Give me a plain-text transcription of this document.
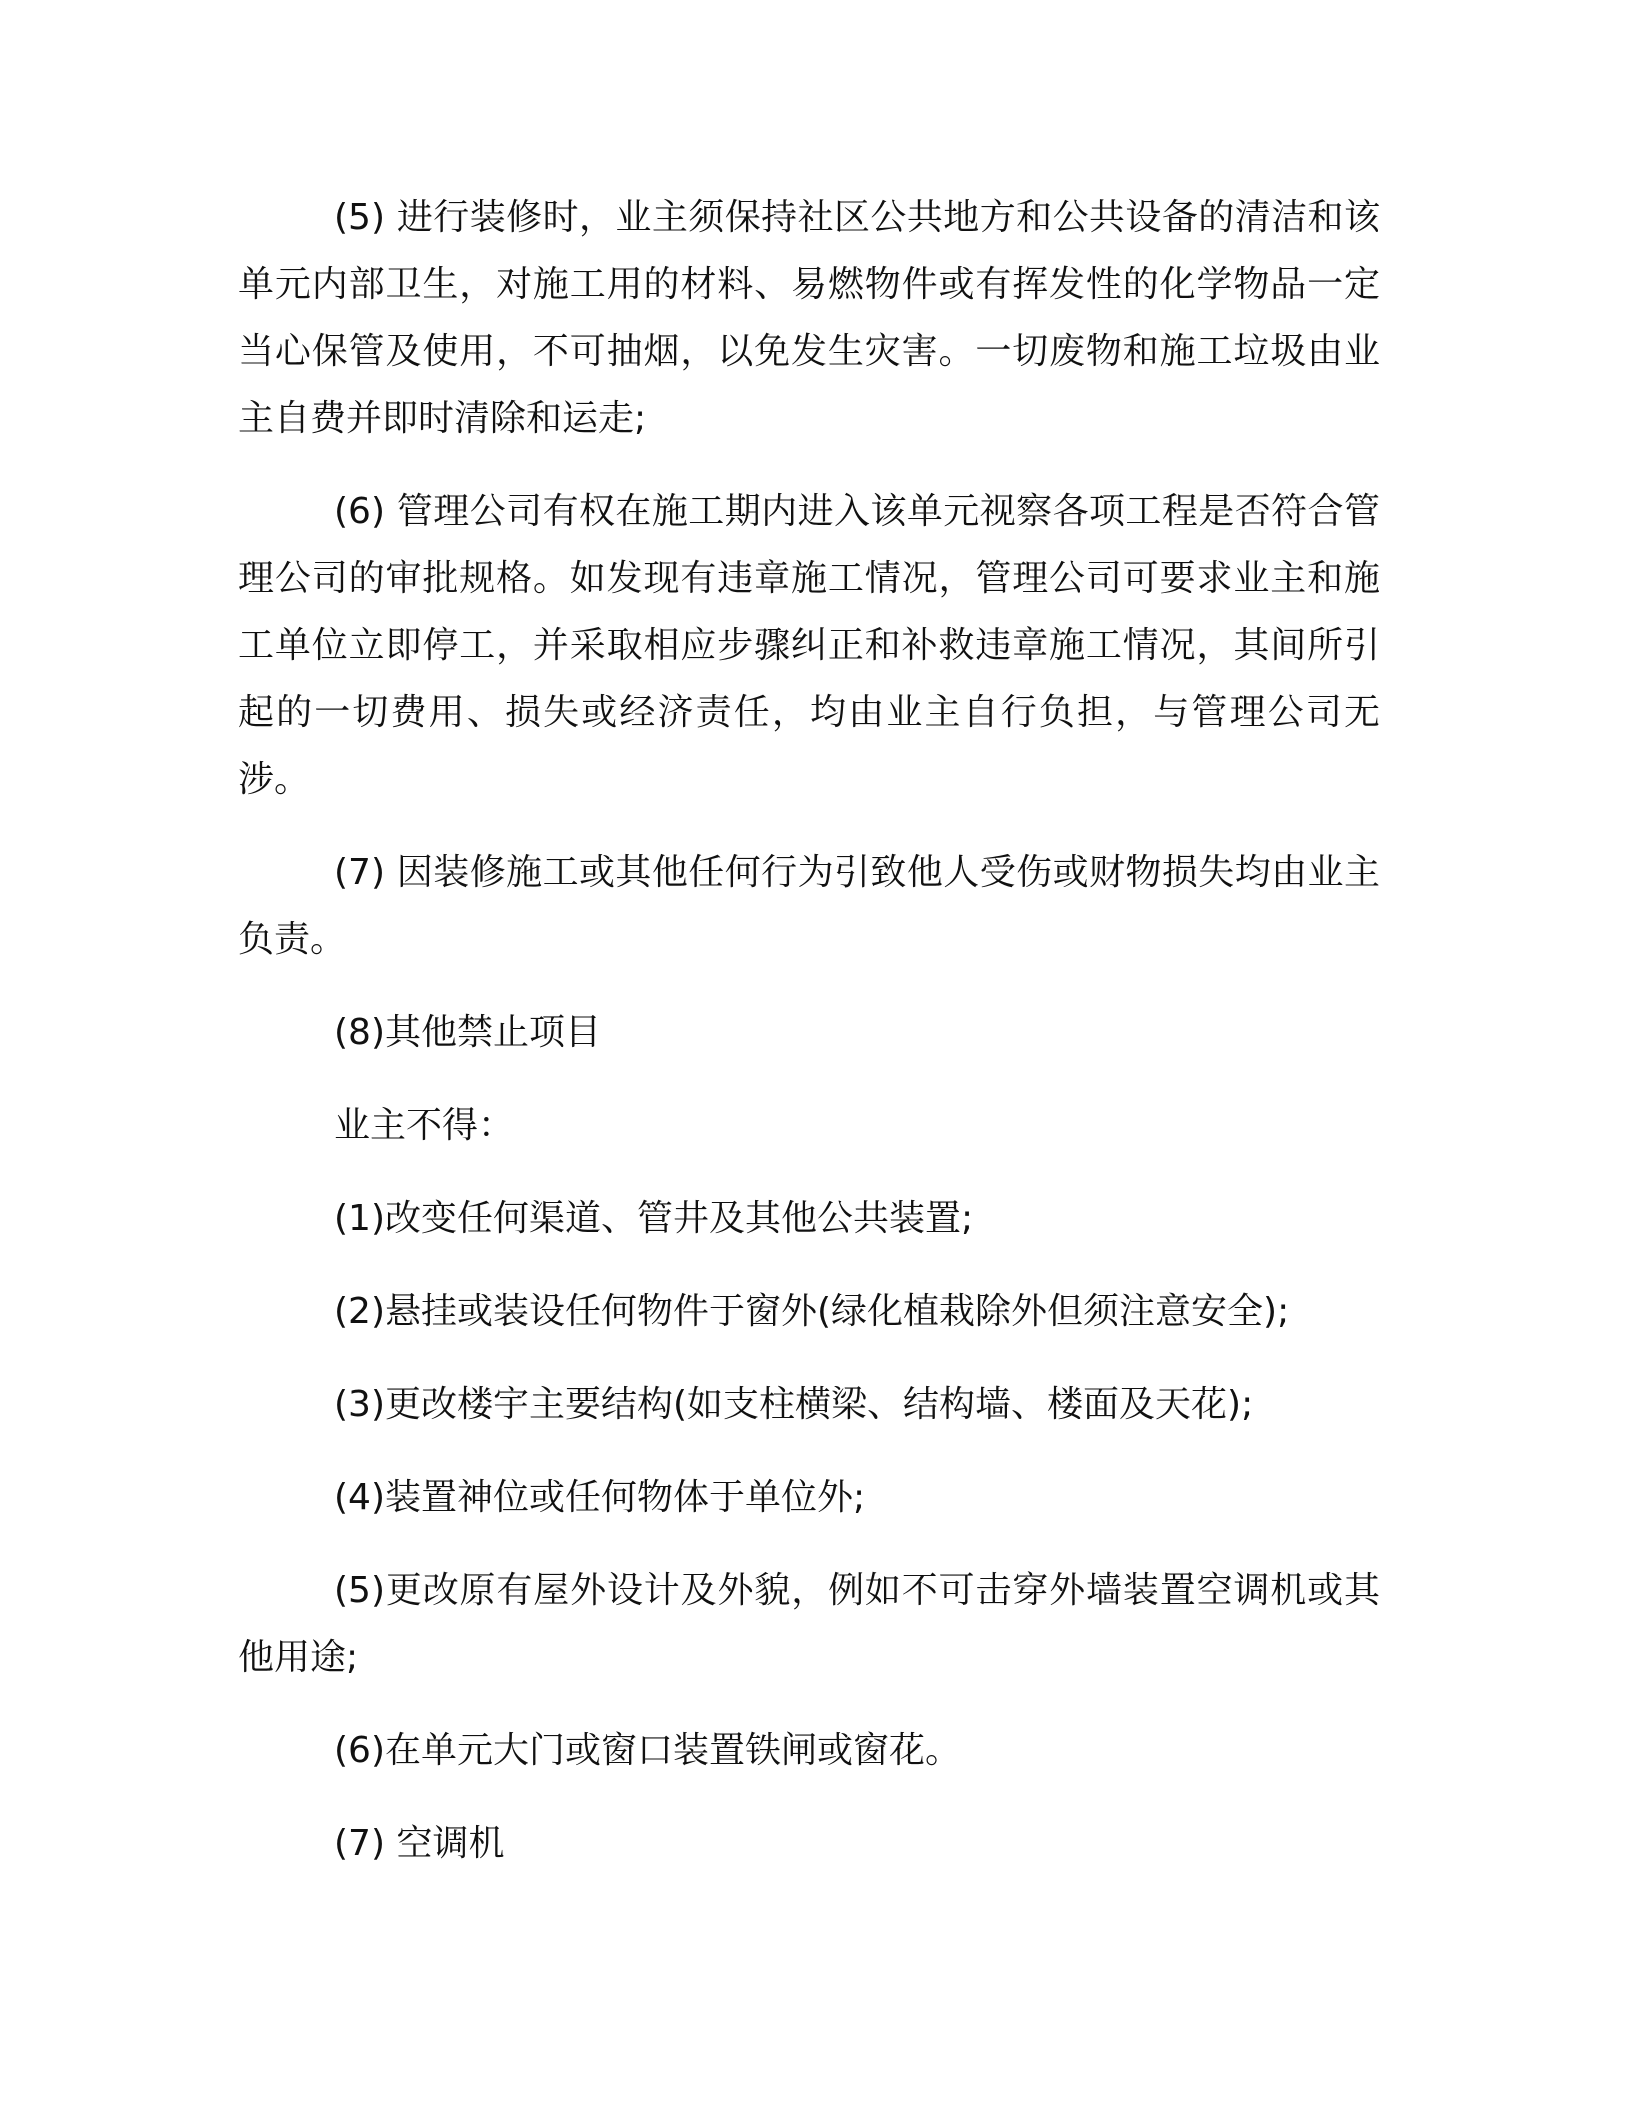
(5) 进行装修时，业主须保持社区公共地方和公共设备的清洁和该单元内部卫生，对施工用的材料、易燃物件或有挥发性的化学物品一定当心保管及使用，不可抽烟，以免发生灾害。一切废物和施工垃圾由业主自费并即时清除和运走;

(6) 管理公司有权在施工期内进入该单元视察各项工程是否符合管理公司的审批规格。如发现有违章施工情况，管理公司可要求业主和施工单位立即停工，并采取相应步骤纠正和补救违章施工情况，其间所引起的一切费用、损失或经济责任，均由业主自行负担，与管理公司无涉。

(7) 因装修施工或其他任何行为引致他人受伤或财物损失均由业主负责。

(8)其他禁止项目

业主不得：

(1)改变任何渠道、管井及其他公共装置;

(2)悬挂或装设任何物件于窗外(绿化植栽除外但须注意安全);

(3)更改楼宇主要结构(如支柱横梁、结构墙、楼面及天花);

(4)装置神位或任何物体于单位外;

(5)更改原有屋外设计及外貌，例如不可击穿外墙装置空调机或其他用途;

(6)在单元大门或窗口装置铁闸或窗花。

(7) 空调机
